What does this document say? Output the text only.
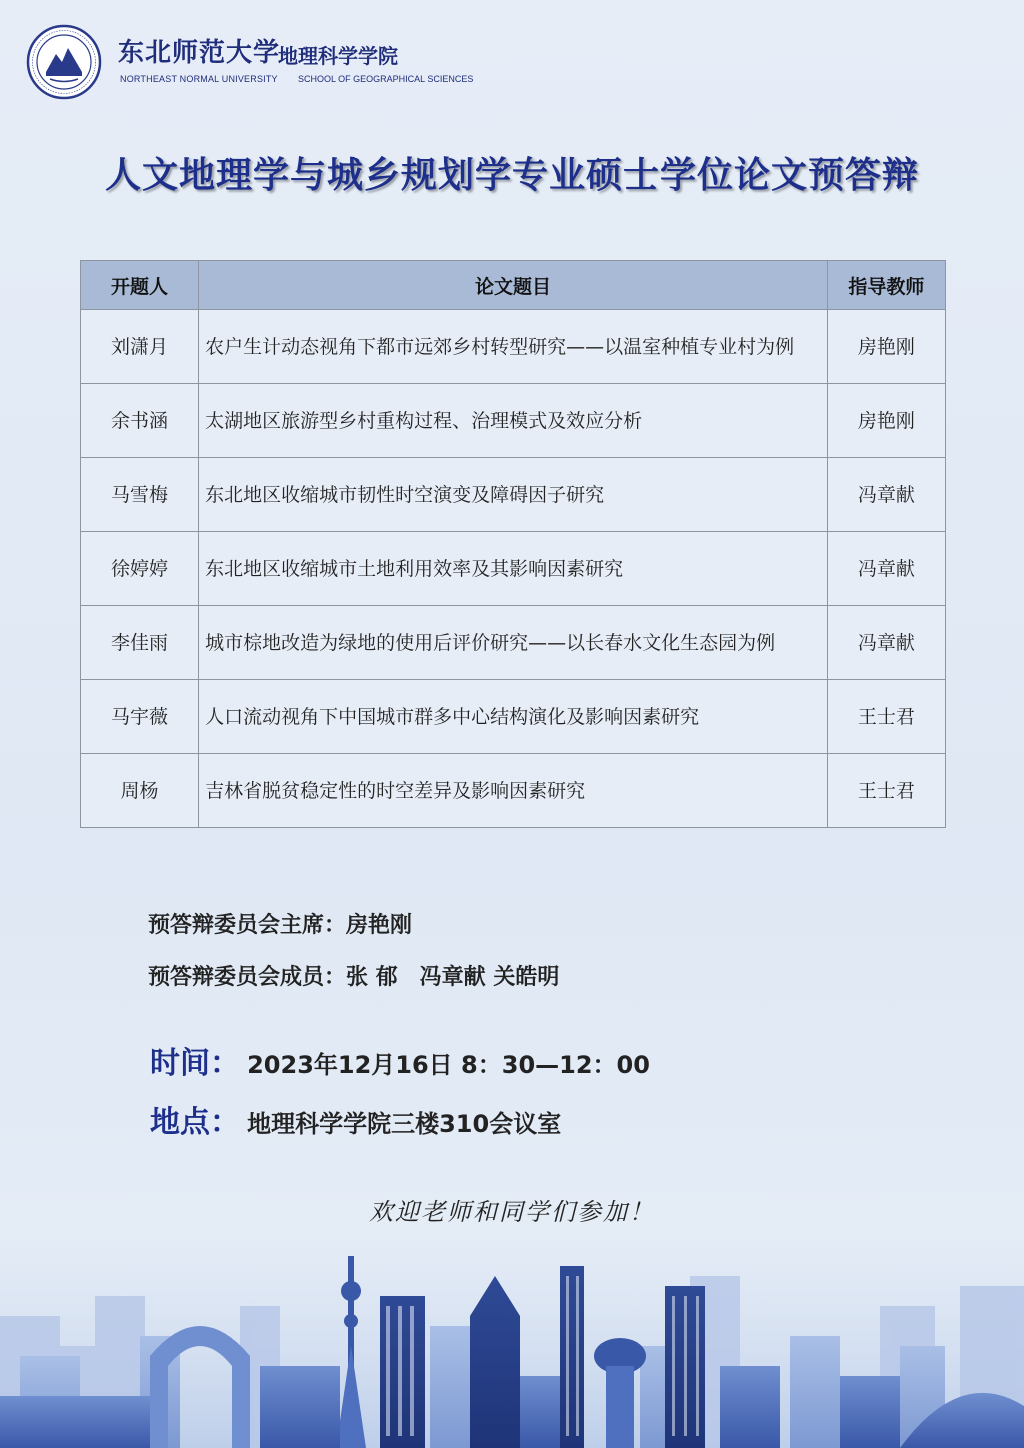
东北师范大学
地理科学学院
NORTHEAST NORMAL UNIVERSITY SCHOOL OF GEOGRAPHICAL SCIENCES
人文地理学与城乡规划学专业硕士学位论文预答辩
开题人	论文题目	指导教师
刘潇月	农户生计动态视角下都市远郊乡村转型研究——以温室种植专业村为例	房艳刚
余书涵	太湖地区旅游型乡村重构过程、治理模式及效应分析	房艳刚
马雪梅	东北地区收缩城市韧性时空演变及障碍因子研究	冯章献
徐婷婷	东北地区收缩城市土地利用效率及其影响因素研究	冯章献
李佳雨	城市棕地改造为绿地的使用后评价研究——以长春水文化生态园为例	冯章献
马宇薇	人口流动视角下中国城市群多中心结构演化及影响因素研究	王士君
周杨	吉林省脱贫稳定性的时空差异及影响因素研究	王士君
预答辩委员会主席：房艳刚
预答辩委员会成员：张 郁　冯章献 关皓明
时间： 2023年12月16日 8：30—12：00
地点： 地理科学学院三楼310会议室
欢迎老师和同学们参加！
